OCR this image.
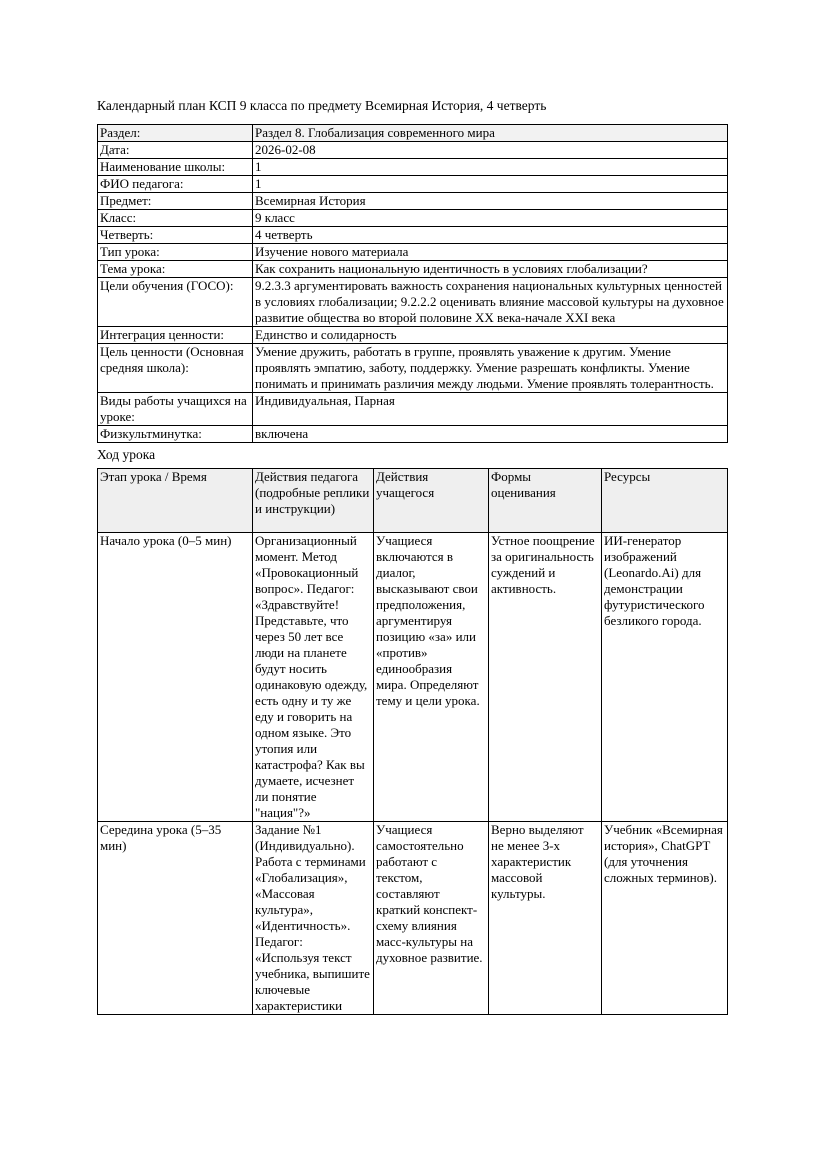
Календарный план КСП 9 класса по предмету Всемирная История, 4 четверть

Раздел:	Раздел 8. Глобализация современного мира
Дата:	2026-02-08
Наименование школы:	1
ФИО педагога:	1
Предмет:	Всемирная История
Класс:	9 класс
Четверть:	4 четверть
Тип урока:	Изучение нового материала
Тема урока:	Как сохранить национальную идентичность в условиях глобализации?
Цели обучения (ГОСО):	9.2.3.3 аргументировать важность сохранения национальных культурных ценностей в условиях глобализации; 9.2.2.2 оценивать влияние массовой культуры на духовное развитие общества во второй половине XX века-начале XXI века
Интеграция ценности:	Единство и солидарность
Цель ценности (Основная средняя школа):	Умение дружить, работать в группе, проявлять уважение к другим. Умение проявлять эмпатию, заботу, поддержку. Умение разрешать конфликты. Умение понимать и принимать различия между людьми. Умение проявлять толерантность.
Виды работы учащихся на уроке:	Индивидуальная, Парная
Физкультминутка:	включена

Ход урока

Этап урока / Время	Действия педагога (подробные реплики и инструкции)	Действия учащегося	Формы оценивания	Ресурсы
Начало урока (0–5 мин)	Организационный момент. Метод «Провокационный вопрос». Педагог: «Здравствуйте! Представьте, что через 50 лет все люди на планете будут носить одинаковую одежду, есть одну и ту же еду и говорить на одном языке. Это утопия или катастрофа? Как вы думаете, исчезнет ли понятие "нация"?»	Учащиеся включаются в диалог, высказывают свои предположения, аргументируя позицию «за» или «против» единообразия мира. Определяют тему и цели урока.	Устное поощрение за оригинальность суждений и активность.	ИИ-генератор изображений (Leonardo.Ai) для демонстрации футуристического безликого города.
Середина урока (5–35 мин)	Задание №1 (Индивидуально). Работа с терминами «Глобализация», «Массовая культура», «Идентичность». Педагог: «Используя текст учебника, выпишите ключевые характеристики	Учащиеся самостоятельно работают с текстом, составляют краткий конспект-схему влияния масс-культуры на духовное развитие.	Верно выделяют не менее 3-х характеристик массовой культуры.	Учебник «Всемирная история», ChatGPT (для уточнения сложных терминов).
